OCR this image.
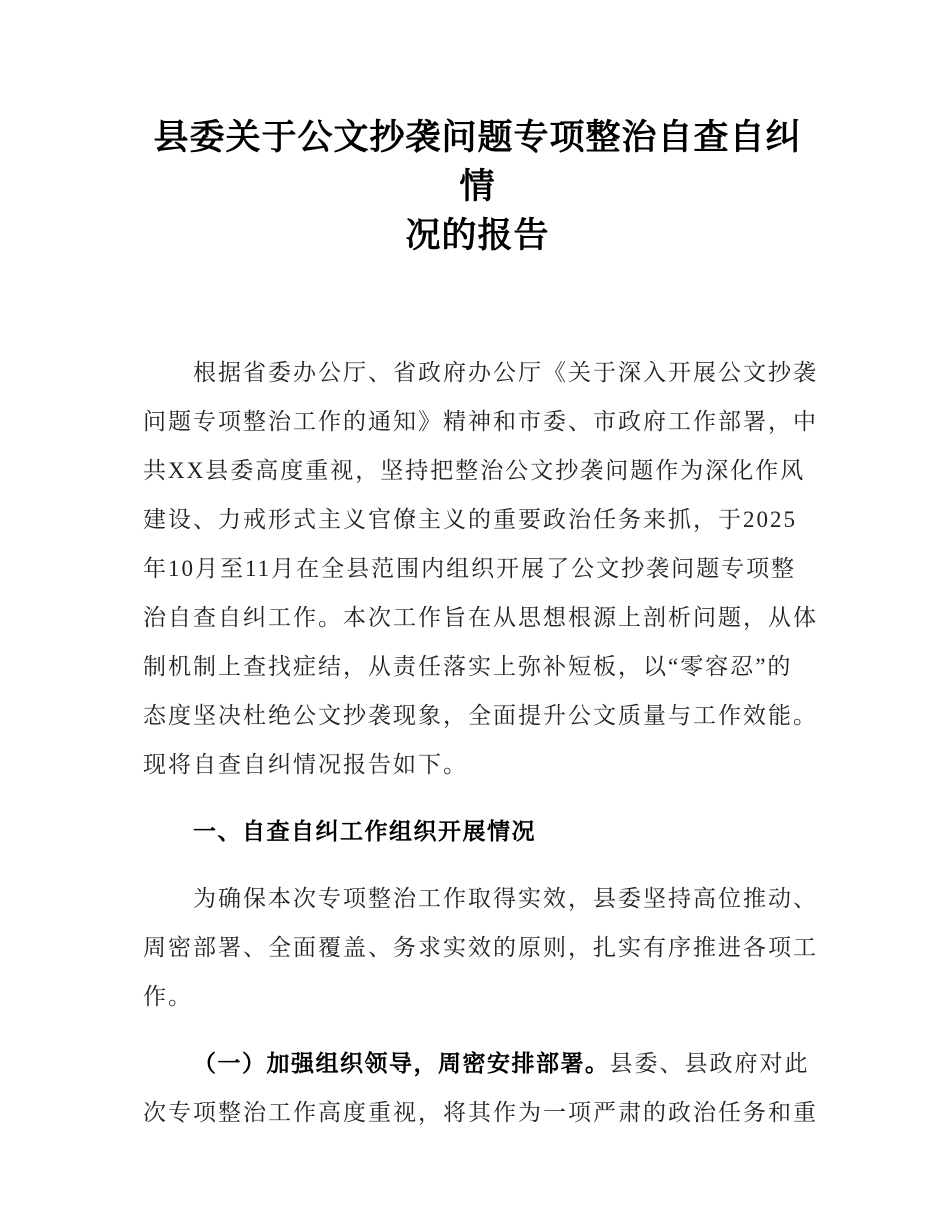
县委关于公文抄袭问题专项整治自查自纠情
况的报告
根据省委办公厅、省政府办公厅《关于深入开展公文抄袭
问题专项整治工作的通知》精神和市委、市政府工作部署，中
共XX县委高度重视，坚持把整治公文抄袭问题作为深化作风
建设、力戒形式主义官僚主义的重要政治任务来抓，于2025
年10月至11月在全县范围内组织开展了公文抄袭问题专项整
治自查自纠工作。本次工作旨在从思想根源上剖析问题，从体
制机制上查找症结，从责任落实上弥补短板，以“零容忍”的
态度坚决杜绝公文抄袭现象，全面提升公文质量与工作效能。
现将自查自纠情况报告如下。
一、自查自纠工作组织开展情况
为确保本次专项整治工作取得实效，县委坚持高位推动、
周密部署、全面覆盖、务求实效的原则，扎实有序推进各项工
作。
（一）加强组织领导，周密安排部署。县委、县政府对此
次专项整治工作高度重视，将其作为一项严肃的政治任务和重
